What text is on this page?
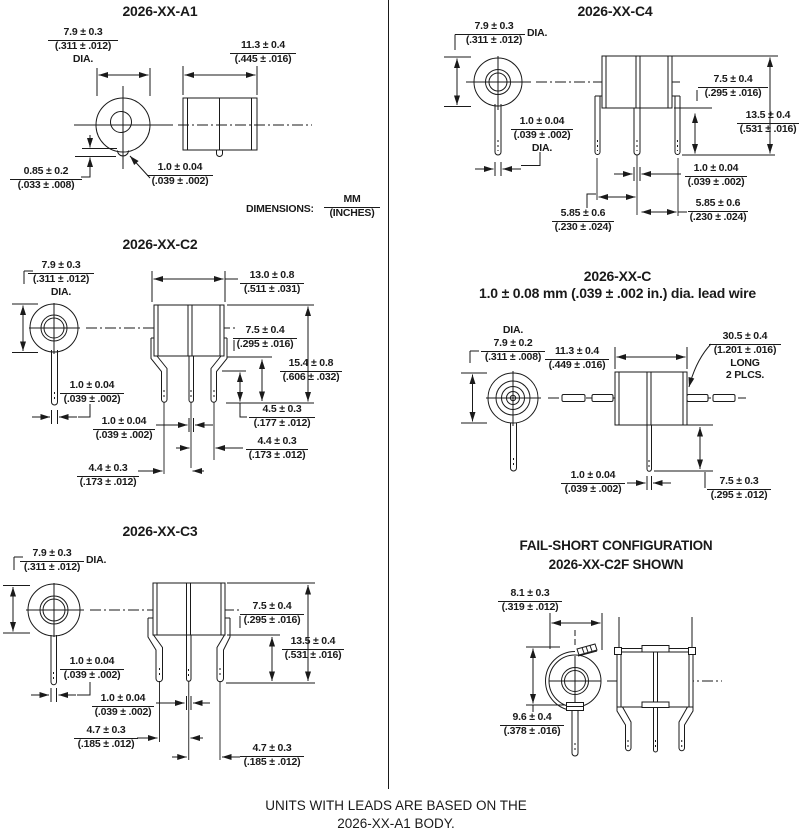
2026-XX-A1	2026-XX-C4
2026-XX-C2
2026-XX-C
1.0 ± 0.08 mm (.039 ± .002 in.) dia. lead wire
2026-XX-C3
FAIL-SHORT CONFIGURATION
2026-XX-C2F SHOWN
7.9 ± 0.3
(.311 ± .012)
DIA.
11.3 ± 0.4
(.445 ± .016)
0.85 ± 0.2
(.033 ± .008)
1.0 ± 0.04
(.039 ± .002)
DIMENSIONS:
MM
(INCHES)
7.9 ± 0.3
(.311 ± .012)
DIA.
1.0 ± 0.04
(.039 ± .002)
DIA.
7.5 ± 0.4
(.295 ± .016)
13.5 ± 0.4
(.531 ± .016)
1.0 ± 0.04
(.039 ± .002)
5.85 ± 0.6
(.230 ± .024)
5.85 ± 0.6
(.230 ± .024)
7.9 ± 0.3
(.311 ± .012)
DIA.
13.0 ± 0.8
(.511 ± .031)
1.0 ± 0.04
(.039 ± .002)
7.5 ± 0.4
(.295 ± .016)
15.4 ± 0.8
(.606 ± .032)
4.5 ± 0.3
(.177 ± .012)
1.0 ± 0.04
(.039 ± .002)	4.4 ± 0.3
(.173 ± .012)
4.4 ± 0.3
(.173 ± .012)
DIA.
7.9 ± 0.2
(.311 ± .008)	11.3 ± 0.4
(.449 ± .016)
30.5 ± 0.4
(1.201 ± .016)
LONG
2 PLCS.
1.0 ± 0.04
(.039 ± .002)
7.5 ± 0.3
(.295 ± .012)
7.9 ± 0.3
(.311 ± .012)
DIA.
1.0 ± 0.04
(.039 ± .002)
7.5 ± 0.4
(.295 ± .016)
13.5 ± 0.4
(.531 ± .016)
1.0 ± 0.04
(.039 ± .002)
4.7 ± 0.3
(.185 ± .012)	4.7 ± 0.3
(.185 ± .012)
8.1 ± 0.3
(.319 ± .012)
9.6 ± 0.4
(.378 ± .016)
UNITS WITH LEADS ARE BASED ON THE
2026-XX-A1 BODY.
